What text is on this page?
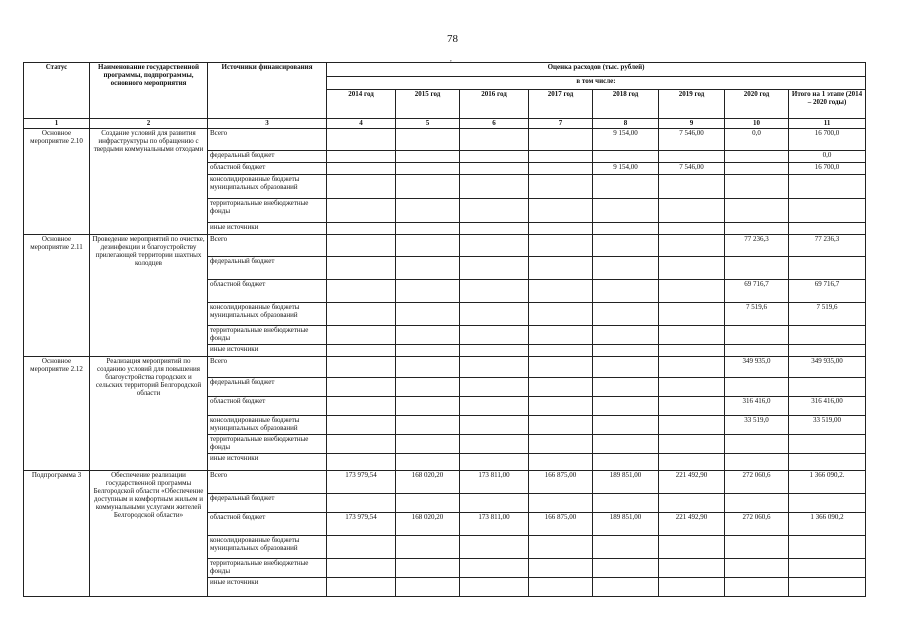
78
,
Статус	Наименование государственной программы, подпрограммы, основного мероприятия	Источники финансирования	Оценка расходов (тыс. рублей)							
			в том числе:							
			2014 год	2015 год	2016 год	2017 год	2018 год	2019 год	2020 год	Итого на 1 этапе (2014 – 2020 годы)
1	2	3	4	5	6	7	8	9	10	11
Основное мероприятие 2.10	Создание условий для развития инфраструктуры по обращению с твердыми коммунальными отходами	Всего					9 154,00	7 546,00	0,0	16 700,0
		федеральный бюджет								0,0
		областной бюджет					9 154,00	7 546,00		16 700,0
		консолидированные бюджеты муниципальных образований								
		территориальные внебюджетные фонды								
		иные источники								
Основное мероприятие 2.11	Проведение мероприятий по очистке, дезинфекции и благоустройству прилегающей территории шахтных колодцев	Всего							77 236,3	77 236,3
		федеральный бюджет								
		областной бюджет							69 716,7	69 716,7
		консолидированные бюджеты муниципальных образований							7 519,6	7 519,6
		территориальные внебюджетные фонды								
		иные источники								
Основное мероприятие 2.12	Реализация мероприятий по созданию условий для повышения благоустройства городских и сельских территорий Белгородской области	Всего							349 935,0	349 935,00
		федеральный бюджет								
		областной бюджет							316 416,0	316 416,00
		консолидированные бюджеты муниципальных образований							33 519,0	33 519,00
		территориальные внебюджетные фонды								
		иные источники								
Подпрограмма 3	Обеспечение реализации государственной программы Белгородской области «Обеспечение доступным и комфортным жильем и коммунальными услугами жителей Белгородской области»	Всего	173 979,54	168 020,20	173 811,00	166 875,00	189 851,00	221 492,90	272 060,6	1 366 090,2.
		федеральный бюджет								
		областной бюджет	173 979,54	168 020,20	173 811,00	166 875,00	189 851,00	221 492,90	272 060,6	1 366 090,2
		консолидированные бюджеты муниципальных образований								
		территориальные внебюджетные фонды								
		иные источники								
